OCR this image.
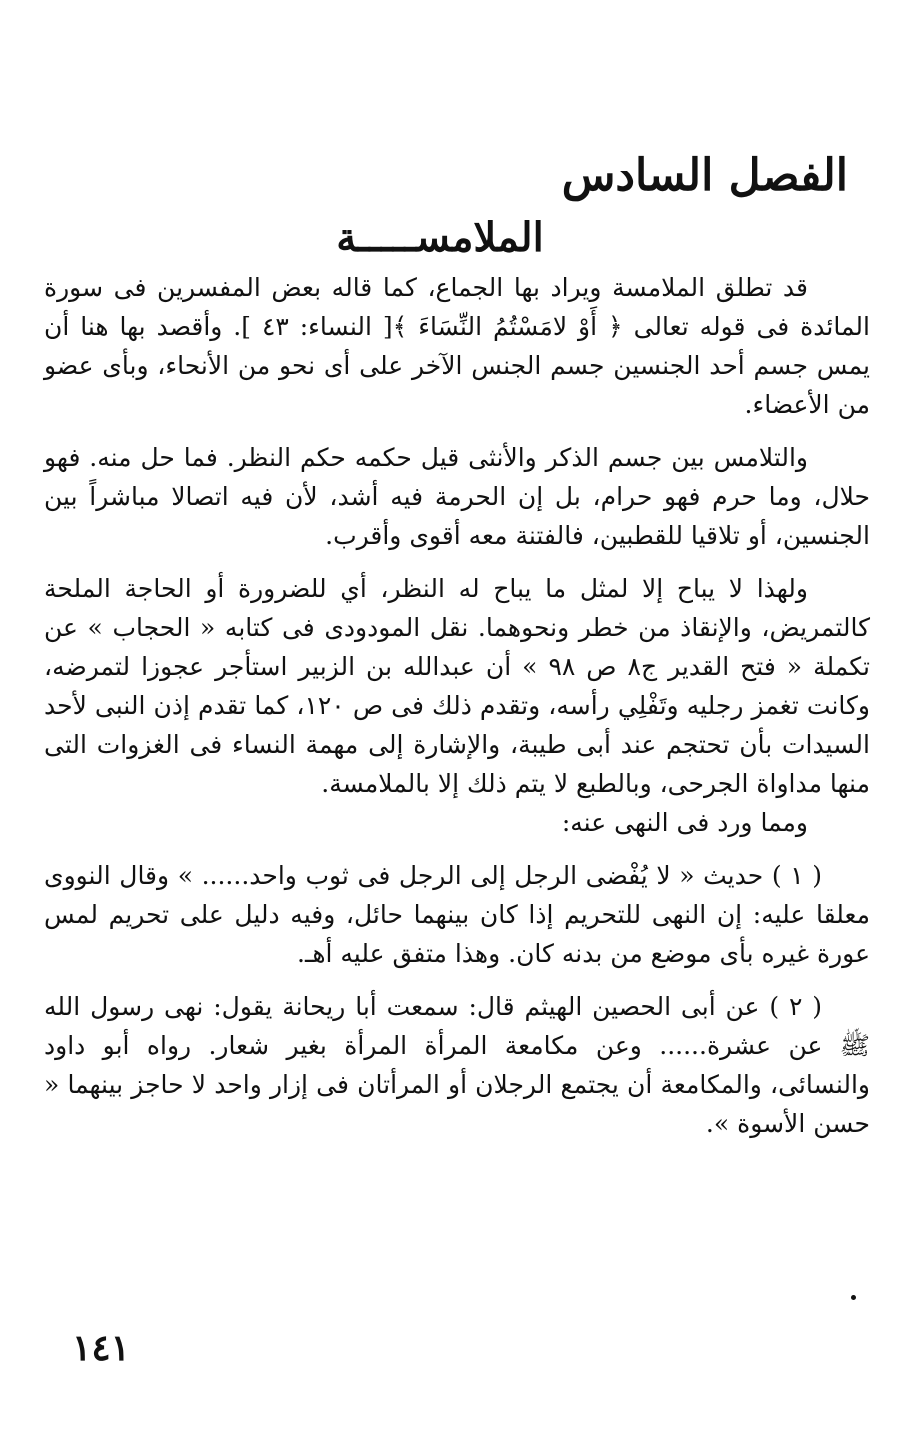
الفصل السادس
الملامســـــة

قد تطلق الملامسة ويراد بها الجماع، كما قاله بعض المفسرين فى سورة المائدة فى قوله تعالى ﴿ أَوْ لامَسْتُمُ النِّسَاءَ ﴾[ النساء: ٤٣ ]. وأقصد بها هنا أن يمس جسم أحد الجنسين جسم الجنس الآخر على أى نحو من الأنحاء، وبأى عضو من الأعضاء.

والتلامس بين جسم الذكر والأنثى قيل حكمه حكم النظر. فما حل منه. فهو حلال، وما حرم فهو حرام، بل إن الحرمة فيه أشد، لأن فيه اتصالا مباشراً بين الجنسين، أو تلاقيا للقطبين، فالفتنة معه أقوى وأقرب.

ولهذا لا يباح إلا لمثل ما يباح له النظر، أي للضرورة أو الحاجة الملحة كالتمريض، والإنقاذ من خطر ونحوهما. نقل المودودى فى كتابه « الحجاب » عن تكملة « فتح القدير ج٨ ص ٩٨ » أن عبدالله بن الزبير استأجر عجوزا لتمرضه، وكانت تغمز رجليه وتَفْلِي رأسه، وتقدم ذلك فى ص ١٢٠، كما تقدم إذن النبى لأحد السيدات بأن تحتجم عند أبى طيبة، والإشارة إلى مهمة النساء فى الغزوات التى منها مداواة الجرحى، وبالطبع لا يتم ذلك إلا بالملامسة.

ومما ورد فى النهى عنه:

( ١ ) حديث « لا يُفْضى الرجل إلى الرجل فى ثوب واحد...... » وقال النووى معلقا عليه: إن النهى للتحريم إذا كان بينهما حائل، وفيه دليل على تحريم لمس عورة غيره بأى موضع من بدنه كان. وهذا متفق عليه أهـ.

( ٢ ) عن أبى الحصين الهيثم قال: سمعت أبا ريحانة يقول: نهى رسول الله ﷺ عن عشرة...... وعن مكامعة المرأة المرأة بغير شعار. رواه أبو داود والنسائى، والمكامعة أن يجتمع الرجلان أو المرأتان فى إزار واحد لا حاجز بينهما « حسن الأسوة ».

١٤١
